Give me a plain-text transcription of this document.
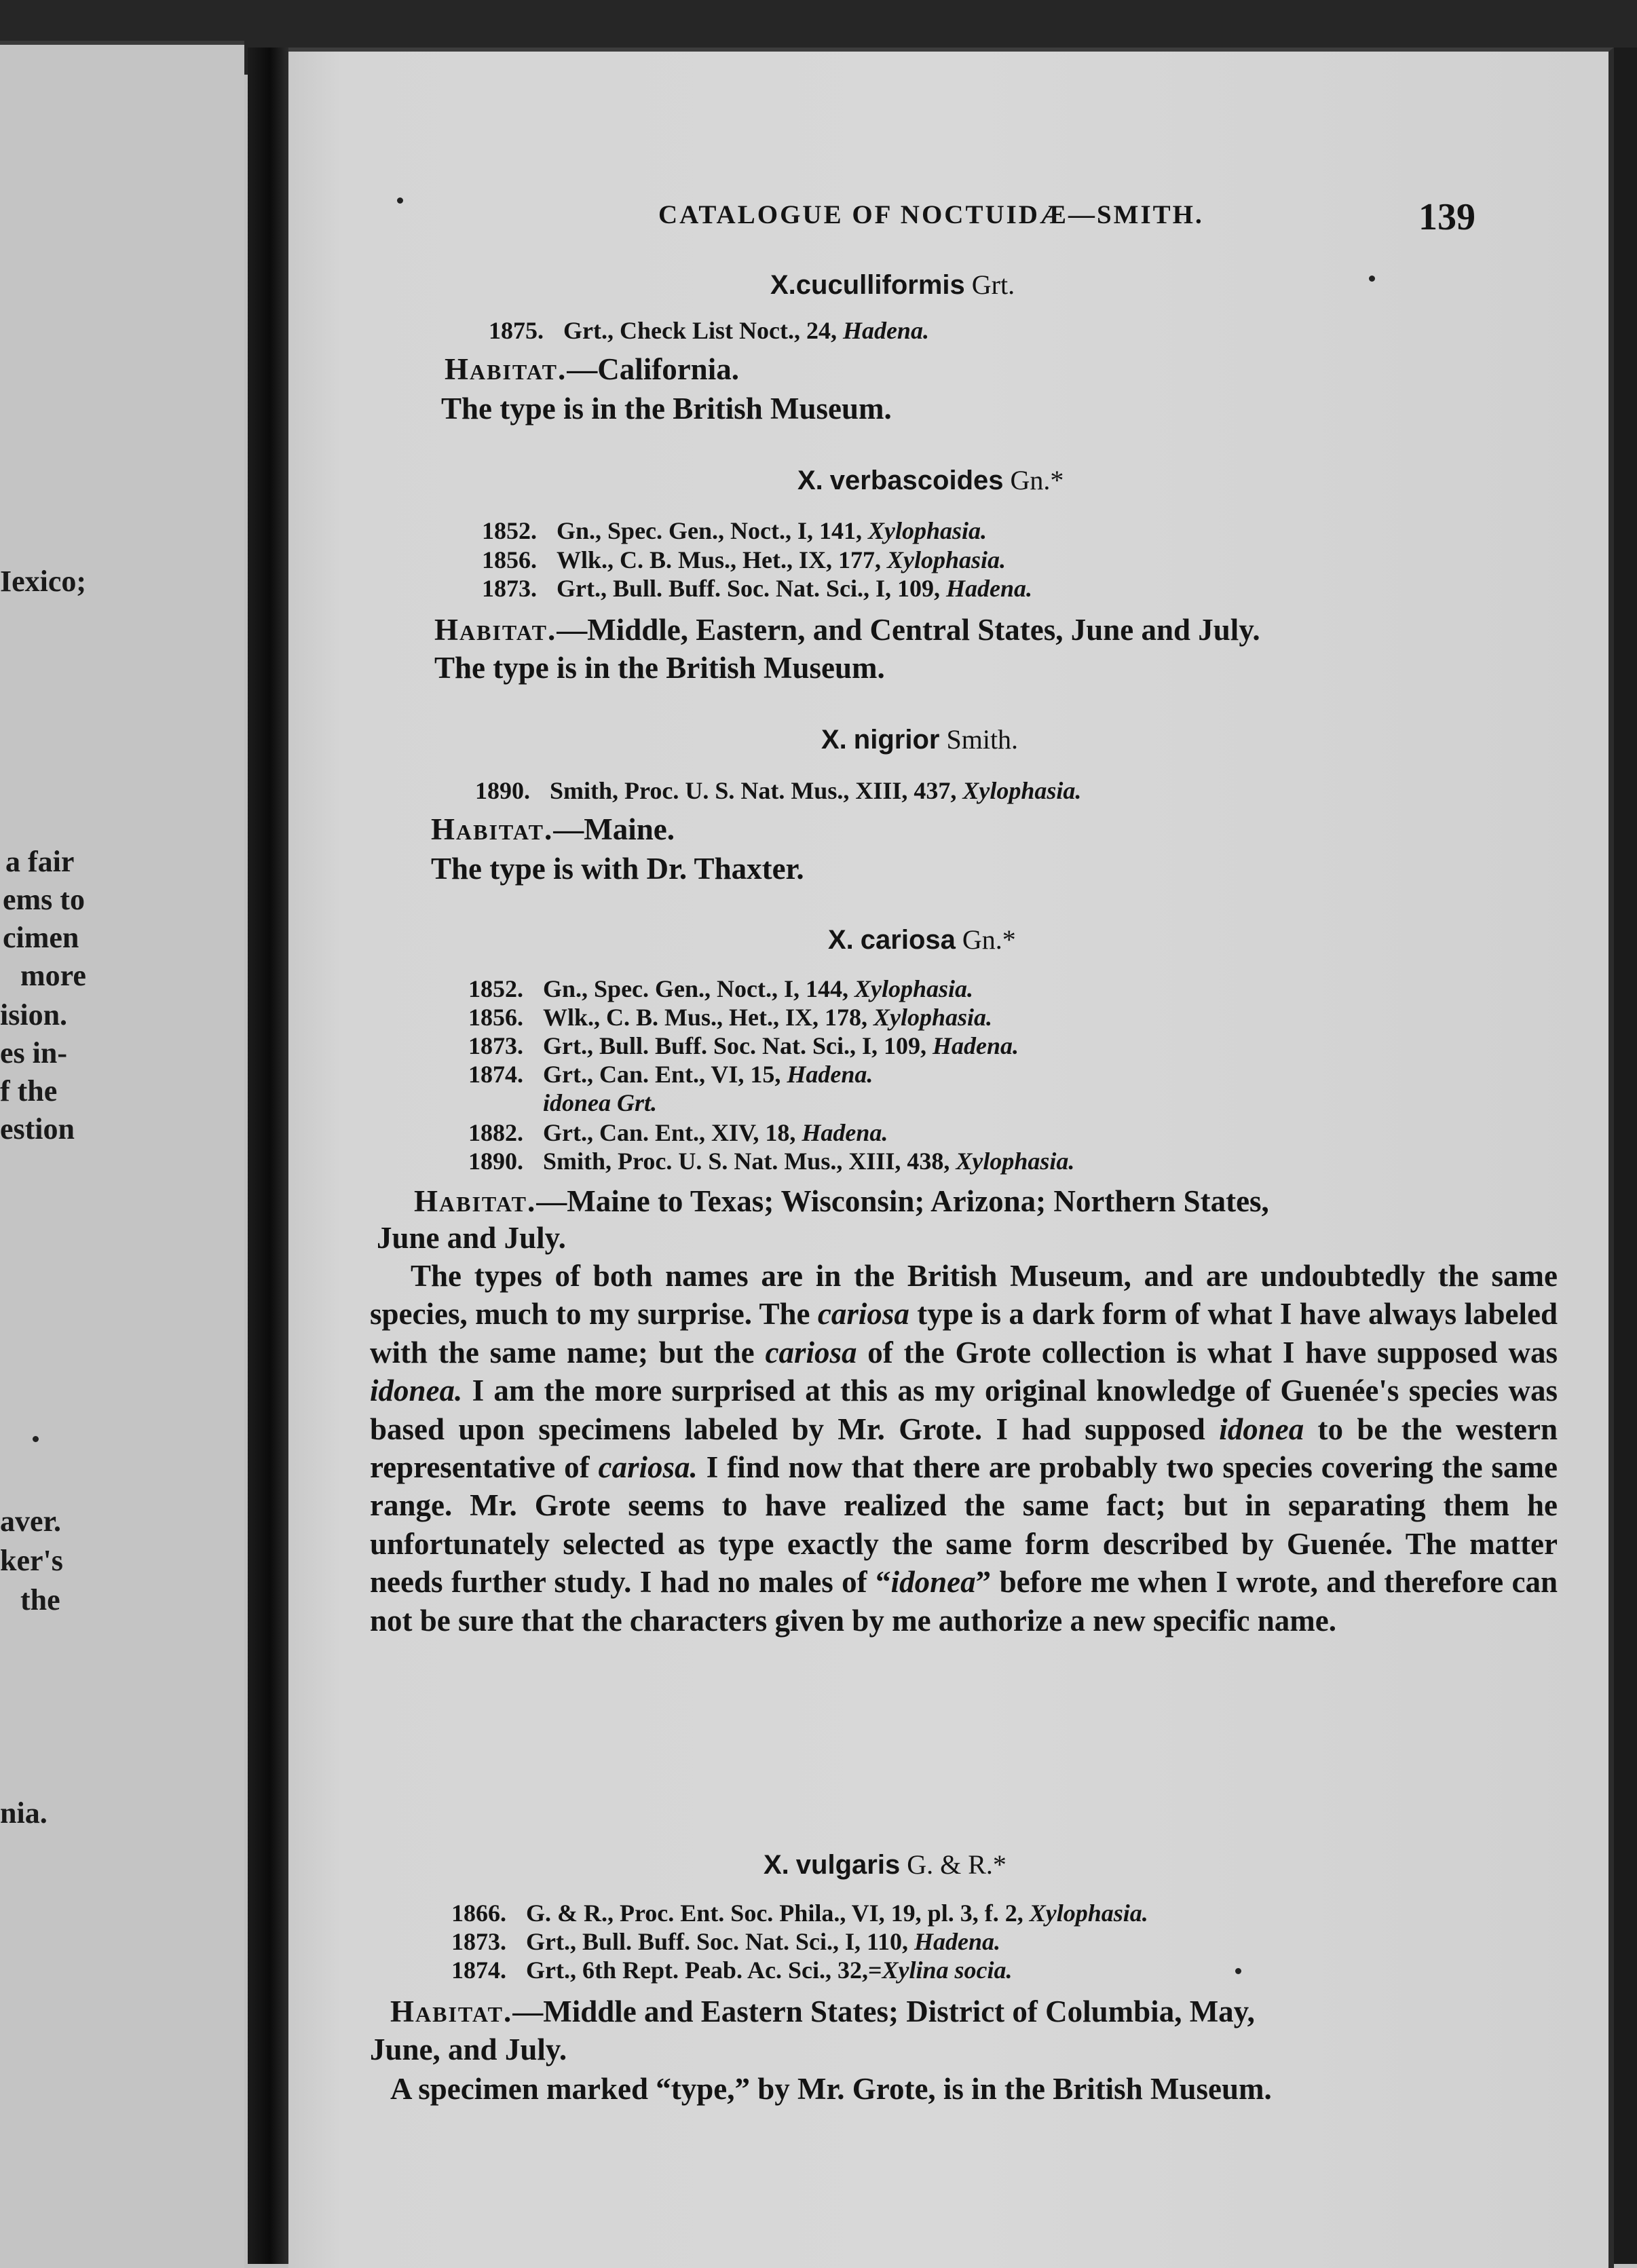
Iexico;
a fair
ems to
cimen
more
ision.
es in-
f the
estion
aver.
ker's
the
nia.
CATALOGUE OF NOCTUIDÆ—SMITH.	139
X.cuculliformis Grt.
1875. Grt., Check List Noct., 24, Hadena.
Habitat.—California.
The type is in the British Museum.
X. verbascoides Gn.*
1852. Gn., Spec. Gen., Noct., I, 141, Xylophasia.
1856. Wlk., C. B. Mus., Het., IX, 177, Xylophasia.
1873. Grt., Bull. Buff. Soc. Nat. Sci., I, 109, Hadena.
Habitat.—Middle, Eastern, and Central States, June and July.
The type is in the British Museum.
X. nigrior Smith.
1890. Smith, Proc. U. S. Nat. Mus., XIII, 437, Xylophasia.
Habitat.—Maine.
The type is with Dr. Thaxter.
X. cariosa Gn.*
1852. Gn., Spec. Gen., Noct., I, 144, Xylophasia.
1856. Wlk., C. B. Mus., Het., IX, 178, Xylophasia.
1873. Grt., Bull. Buff. Soc. Nat. Sci., I, 109, Hadena.
1874. Grt., Can. Ent., VI, 15, Hadena.
idonea Grt.
1882. Grt., Can. Ent., XIV, 18, Hadena.
1890. Smith, Proc. U. S. Nat. Mus., XIII, 438, Xylophasia.
Habitat.—Maine to Texas; Wisconsin; Arizona; Northern States,
June and July.
The types of both names are in the British Museum, and are undoubtedly the same species, much to my surprise. The cariosa type is a dark form of what I have always labeled with the same name; but the cariosa of the Grote collection is what I have supposed was idonea. I am the more surprised at this as my original knowledge of Guenée's species was based upon specimens labeled by Mr. Grote. I had supposed idonea to be the western representative of cariosa. I find now that there are probably two species covering the same range. Mr. Grote seems to have realized the same fact; but in separating them he unfortunately selected as type exactly the same form described by Guenée. The matter needs further study. I had no males of “idonea” before me when I wrote, and therefore can not be sure that the characters given by me authorize a new specific name.
X. vulgaris G. & R.*
1866. G. & R., Proc. Ent. Soc. Phila., VI, 19, pl. 3, f. 2, Xylophasia.
1873. Grt., Bull. Buff. Soc. Nat. Sci., I, 110, Hadena.
1874. Grt., 6th Rept. Peab. Ac. Sci., 32,=Xylina socia.
Habitat.—Middle and Eastern States; District of Columbia, May,
June, and July.
A specimen marked “type,” by Mr. Grote, is in the British Museum.
